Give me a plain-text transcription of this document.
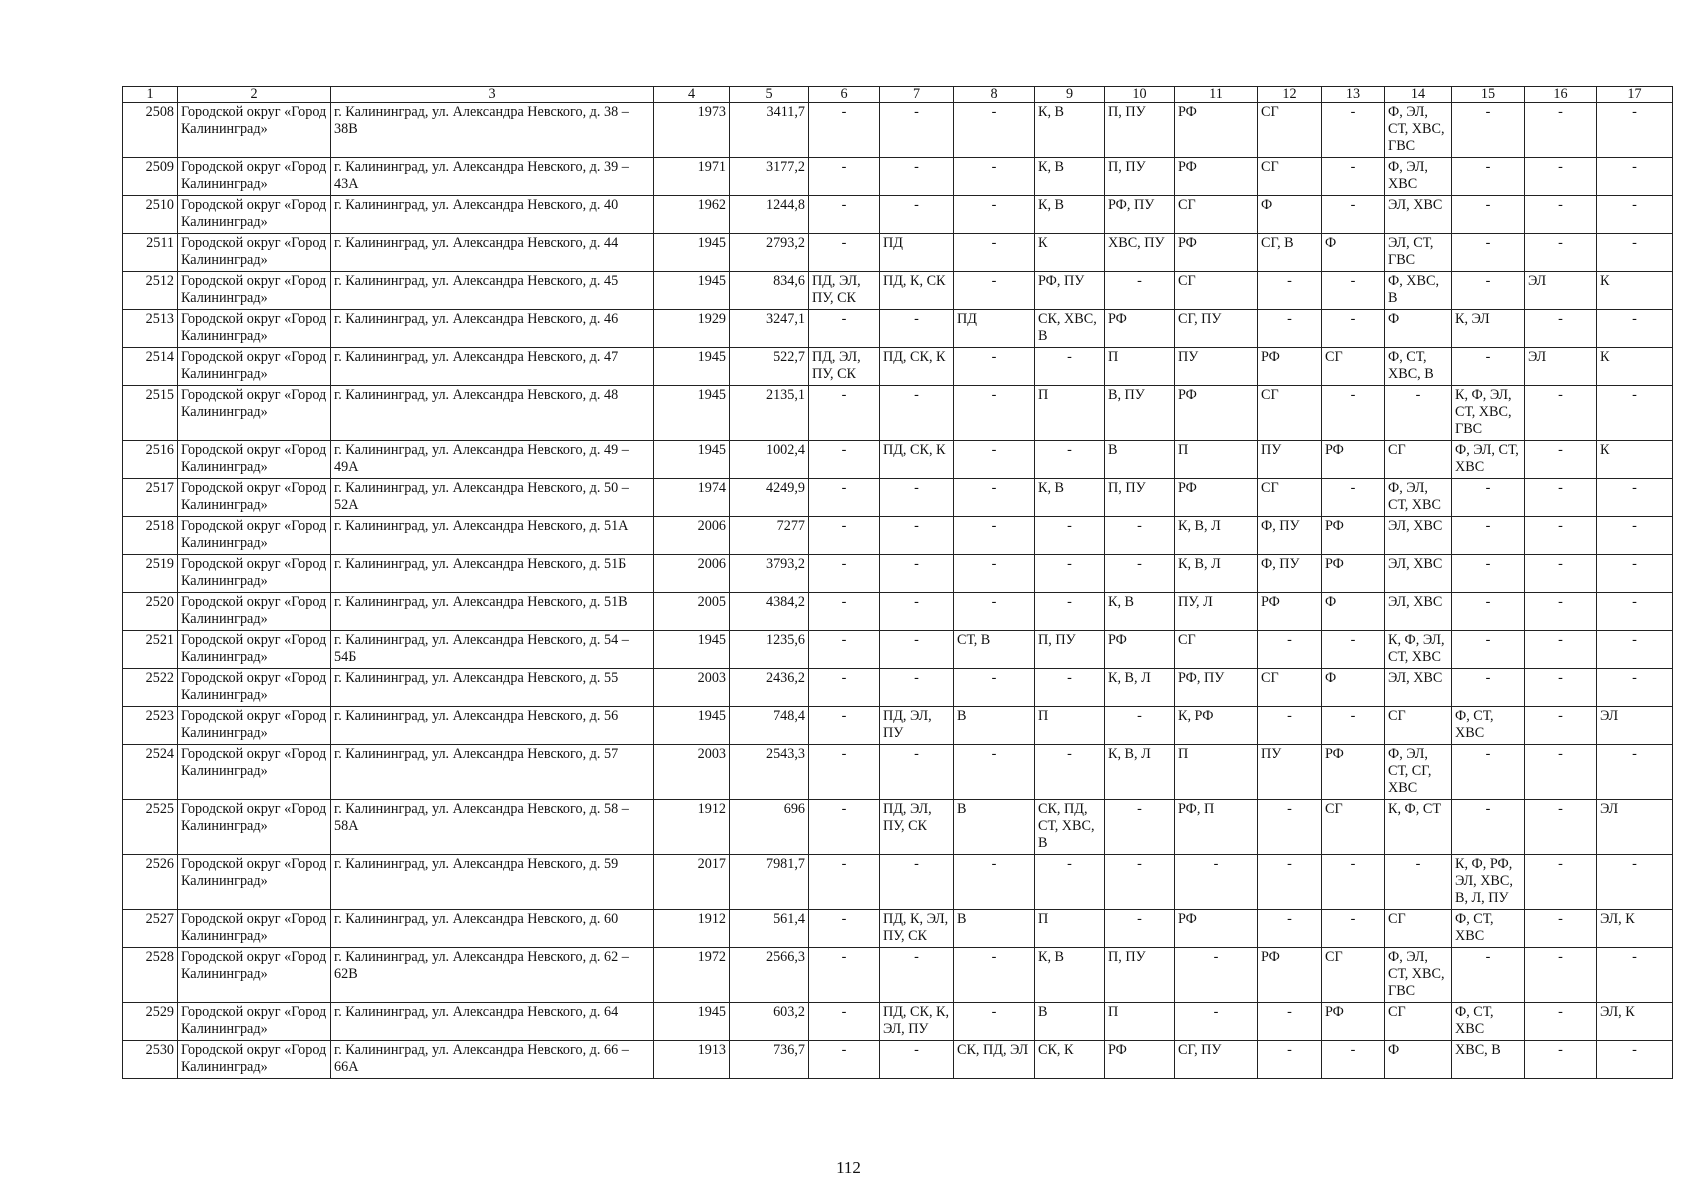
1	2	3	4	5	6	7	8	9	10	11	12	13	14	15	16	17
2508	Городской округ «Город Калининград»	г. Калининград, ул. Александра Невского, д. 38 – 38В	1973	3411,7	-	-	-	К, В	П, ПУ	РФ	СГ	-	Ф, ЭЛ, СТ, ХВС, ГВС	-	-	-
2509	Городской округ «Город Калининград»	г. Калининград, ул. Александра Невского, д. 39 – 43А	1971	3177,2	-	-	-	К, В	П, ПУ	РФ	СГ	-	Ф, ЭЛ, ХВС	-	-	-
2510	Городской округ «Город Калининград»	г. Калининград, ул. Александра Невского, д. 40	1962	1244,8	-	-	-	К, В	РФ, ПУ	СГ	Ф	-	ЭЛ, ХВС	-	-	-
2511	Городской округ «Город Калининград»	г. Калининград, ул. Александра Невского, д. 44	1945	2793,2	-	ПД	-	К	ХВС, ПУ	РФ	СГ, В	Ф	ЭЛ, СТ, ГВС	-	-	-
2512	Городской округ «Город Калининград»	г. Калининград, ул. Александра Невского, д. 45	1945	834,6	ПД, ЭЛ, ПУ, СК	ПД, К, СК	-	РФ, ПУ	-	СГ	-	-	Ф, ХВС, В	-	ЭЛ	К
2513	Городской округ «Город Калининград»	г. Калининград, ул. Александра Невского, д. 46	1929	3247,1	-	-	ПД	СК, ХВС, В	РФ	СГ, ПУ	-	-	Ф	К, ЭЛ	-	-
2514	Городской округ «Город Калининград»	г. Калининград, ул. Александра Невского, д. 47	1945	522,7	ПД, ЭЛ, ПУ, СК	ПД, СК, К	-	-	П	ПУ	РФ	СГ	Ф, СТ, ХВС, В	-	ЭЛ	К
2515	Городской округ «Город Калининград»	г. Калининград, ул. Александра Невского, д. 48	1945	2135,1	-	-	-	П	В, ПУ	РФ	СГ	-	-	К, Ф, ЭЛ, СТ, ХВС, ГВС	-	-
2516	Городской округ «Город Калининград»	г. Калининград, ул. Александра Невского, д. 49 – 49А	1945	1002,4	-	ПД, СК, К	-	-	В	П	ПУ	РФ	СГ	Ф, ЭЛ, СТ, ХВС	-	К
2517	Городской округ «Город Калининград»	г. Калининград, ул. Александра Невского, д. 50 – 52А	1974	4249,9	-	-	-	К, В	П, ПУ	РФ	СГ	-	Ф, ЭЛ, СТ, ХВС	-	-	-
2518	Городской округ «Город Калининград»	г. Калининград, ул. Александра Невского, д. 51А	2006	7277	-	-	-	-	-	К, В, Л	Ф, ПУ	РФ	ЭЛ, ХВС	-	-	-
2519	Городской округ «Город Калининград»	г. Калининград, ул. Александра Невского, д. 51Б	2006	3793,2	-	-	-	-	-	К, В, Л	Ф, ПУ	РФ	ЭЛ, ХВС	-	-	-
2520	Городской округ «Город Калининград»	г. Калининград, ул. Александра Невского, д. 51В	2005	4384,2	-	-	-	-	К, В	ПУ, Л	РФ	Ф	ЭЛ, ХВС	-	-	-
2521	Городской округ «Город Калининград»	г. Калининград, ул. Александра Невского, д. 54 – 54Б	1945	1235,6	-	-	СТ, В	П, ПУ	РФ	СГ	-	-	К, Ф, ЭЛ, СТ, ХВС	-	-	-
2522	Городской округ «Город Калининград»	г. Калининград, ул. Александра Невского, д. 55	2003	2436,2	-	-	-	-	К, В, Л	РФ, ПУ	СГ	Ф	ЭЛ, ХВС	-	-	-
2523	Городской округ «Город Калининград»	г. Калининград, ул. Александра Невского, д. 56	1945	748,4	-	ПД, ЭЛ, ПУ	В	П	-	К, РФ	-	-	СГ	Ф, СТ, ХВС	-	ЭЛ
2524	Городской округ «Город Калининград»	г. Калининград, ул. Александра Невского, д. 57	2003	2543,3	-	-	-	-	К, В, Л	П	ПУ	РФ	Ф, ЭЛ, СТ, СГ, ХВС	-	-	-
2525	Городской округ «Город Калининград»	г. Калининград, ул. Александра Невского, д. 58 – 58А	1912	696	-	ПД, ЭЛ, ПУ, СК	В	СК, ПД, СТ, ХВС, В	-	РФ, П	-	СГ	К, Ф, СТ	-	-	ЭЛ
2526	Городской округ «Город Калининград»	г. Калининград, ул. Александра Невского, д. 59	2017	7981,7	-	-	-	-	-	-	-	-	-	К, Ф, РФ, ЭЛ, ХВС, В, Л, ПУ	-	-
2527	Городской округ «Город Калининград»	г. Калининград, ул. Александра Невского, д. 60	1912	561,4	-	ПД, К, ЭЛ, ПУ, СК	В	П	-	РФ	-	-	СГ	Ф, СТ, ХВС	-	ЭЛ, К
2528	Городской округ «Город Калининград»	г. Калининград, ул. Александра Невского, д. 62 – 62В	1972	2566,3	-	-	-	К, В	П, ПУ	-	РФ	СГ	Ф, ЭЛ, СТ, ХВС, ГВС	-	-	-
2529	Городской округ «Город Калининград»	г. Калининград, ул. Александра Невского, д. 64	1945	603,2	-	ПД, СК, К, ЭЛ, ПУ	-	В	П	-	-	РФ	СГ	Ф, СТ, ХВС	-	ЭЛ, К
2530	Городской округ «Город Калининград»	г. Калининград, ул. Александра Невского, д. 66 – 66А	1913	736,7	-	-	СК, ПД, ЭЛ	СК, К	РФ	СГ, ПУ	-	-	Ф	ХВС, В	-	-
112
